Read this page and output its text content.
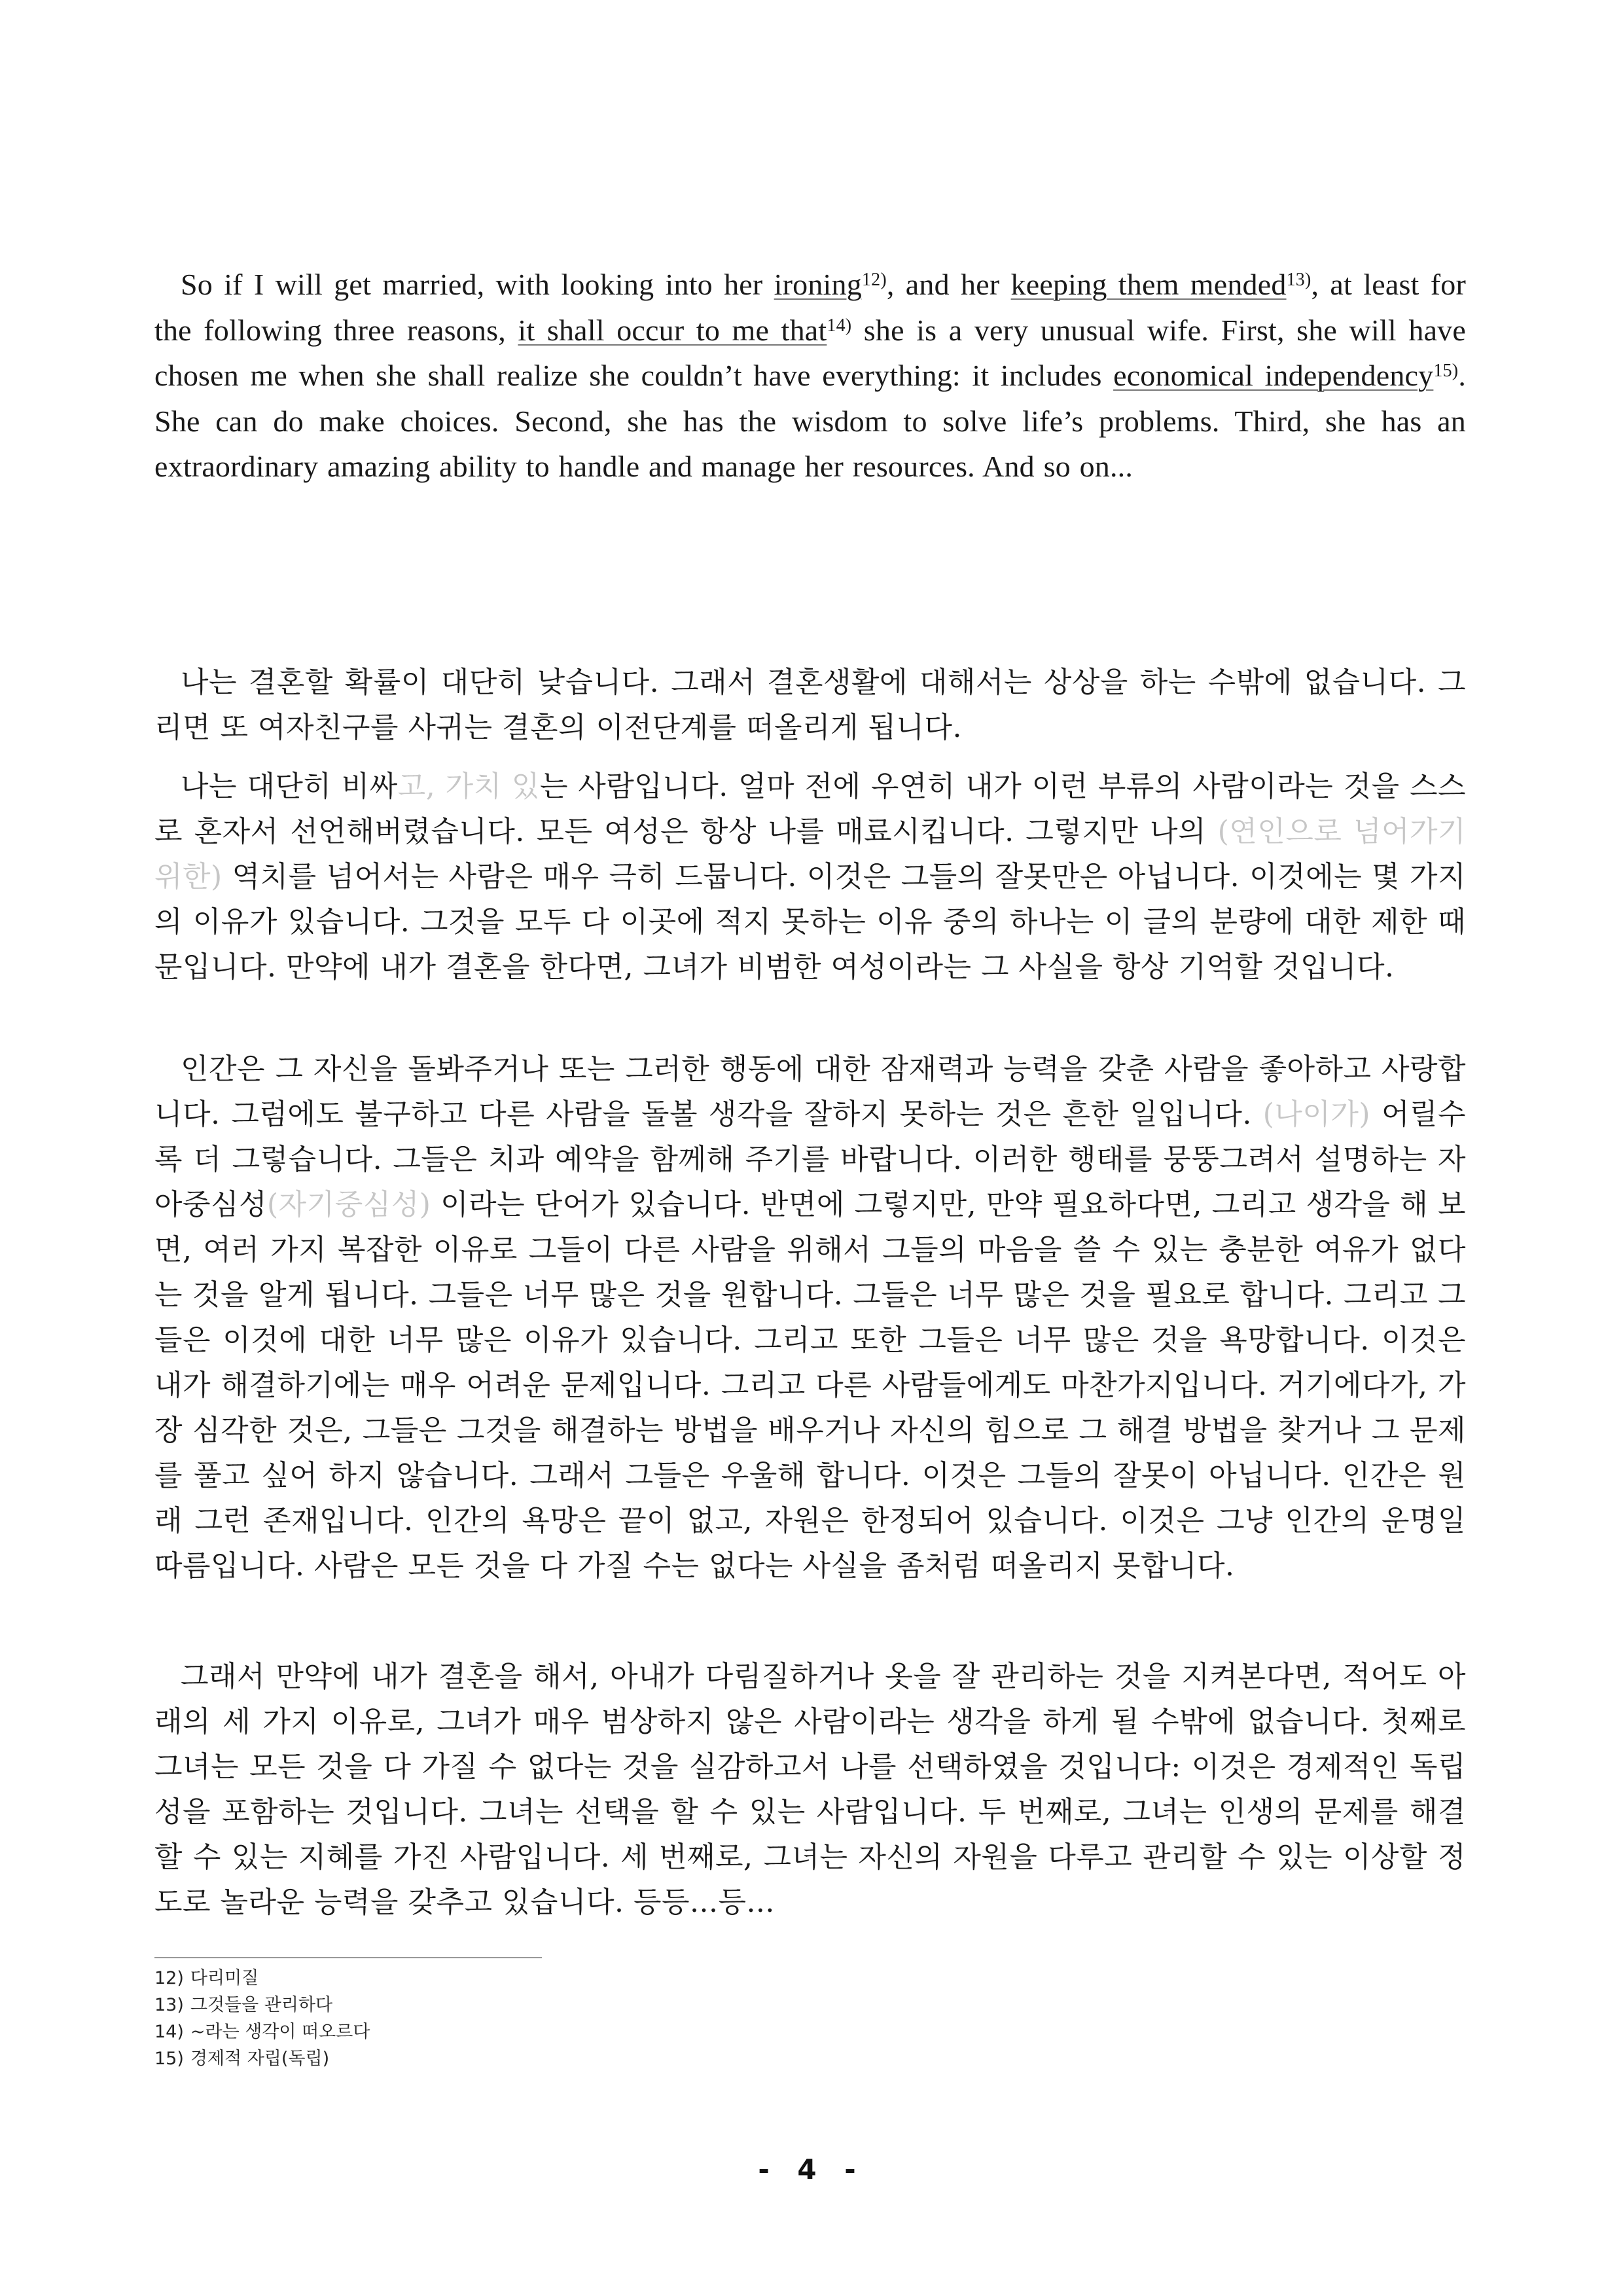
So if I will get married, with looking into her ironing$^{12)}$, and her keeping them mended$^{13)}$, at least for the following three reasons, it shall occur to me that$^{14)}$ she is a very unusual wife. First, she will have chosen me when she shall realize she couldn’t have everything: it includes economical independency$^{15)}$. She can do make choices. Second, she has the wisdom to solve life’s problems. Third, she has an extraordinary amazing ability to handle and manage her resources. And so on...

나는 결혼할 확률이 대단히 낮습니다. 그래서 결혼생활에 대해서는 상상을 하는 수밖에 없습니다. 그리면 또 여자친구를 사귀는 결혼의 이전단계를 떠올리게 됩니다.

나는 대단히 비싸고, 가치 있는 사람입니다. 얼마 전에 우연히 내가 이런 부류의 사람이라는 것을 스스로 혼자서 선언해버렸습니다. 모든 여성은 항상 나를 매료시킵니다. 그렇지만 나의 (연인으로 넘어가기 위한) 역치를 넘어서는 사람은 매우 극히 드뭅니다. 이것은 그들의 잘못만은 아닙니다. 이것에는 몇 가지의 이유가 있습니다. 그것을 모두 다 이곳에 적지 못하는 이유 중의 하나는 이 글의 분량에 대한 제한 때문입니다. 만약에 내가 결혼을 한다면, 그녀가 비범한 여성이라는 그 사실을 항상 기억할 것입니다.

인간은 그 자신을 돌봐주거나 또는 그러한 행동에 대한 잠재력과 능력을 갖춘 사람을 좋아하고 사랑합니다. 그럼에도 불구하고 다른 사람을 돌볼 생각을 잘하지 못하는 것은 흔한 일입니다. (나이가) 어릴수록 더 그렇습니다. 그들은 치과 예약을 함께해 주기를 바랍니다. 이러한 행태를 뭉뚱그려서 설명하는 자아중심성(자기중심성) 이라는 단어가 있습니다. 반면에 그렇지만, 만약 필요하다면, 그리고 생각을 해 보면, 여러 가지 복잡한 이유로 그들이 다른 사람을 위해서 그들의 마음을 쓸 수 있는 충분한 여유가 없다는 것을 알게 됩니다. 그들은 너무 많은 것을 원합니다. 그들은 너무 많은 것을 필요로 합니다. 그리고 그들은 이것에 대한 너무 많은 이유가 있습니다. 그리고 또한 그들은 너무 많은 것을 욕망합니다. 이것은 내가 해결하기에는 매우 어려운 문제입니다. 그리고 다른 사람들에게도 마찬가지입니다. 거기에다가, 가장 심각한 것은, 그들은 그것을 해결하는 방법을 배우거나 자신의 힘으로 그 해결 방법을 찾거나 그 문제를 풀고 싶어 하지 않습니다. 그래서 그들은 우울해 합니다. 이것은 그들의 잘못이 아닙니다. 인간은 원래 그런 존재입니다. 인간의 욕망은 끝이 없고, 자원은 한정되어 있습니다. 이것은 그냥 인간의 운명일 따름입니다. 사람은 모든 것을 다 가질 수는 없다는 사실을 좀처럼 떠올리지 못합니다.

그래서 만약에 내가 결혼을 해서, 아내가 다림질하거나 옷을 잘 관리하는 것을 지켜본다면, 적어도 아래의 세 가지 이유로, 그녀가 매우 범상하지 않은 사람이라는 생각을 하게 될 수밖에 없습니다. 첫째로 그녀는 모든 것을 다 가질 수 없다는 것을 실감하고서 나를 선택하였을 것입니다: 이것은 경제적인 독립성을 포함하는 것입니다. 그녀는 선택을 할 수 있는 사람입니다. 두 번째로, 그녀는 인생의 문제를 해결할 수 있는 지혜를 가진 사람입니다. 세 번째로, 그녀는 자신의 자원을 다루고 관리할 수 있는 이상할 정도로 놀라운 능력을 갖추고 있습니다. 등등...등...

12) 다리미질
13) 그것들을 관리하다
14) ~라는 생각이 떠오르다
15) 경제적 자립(독립)
- 4 -
